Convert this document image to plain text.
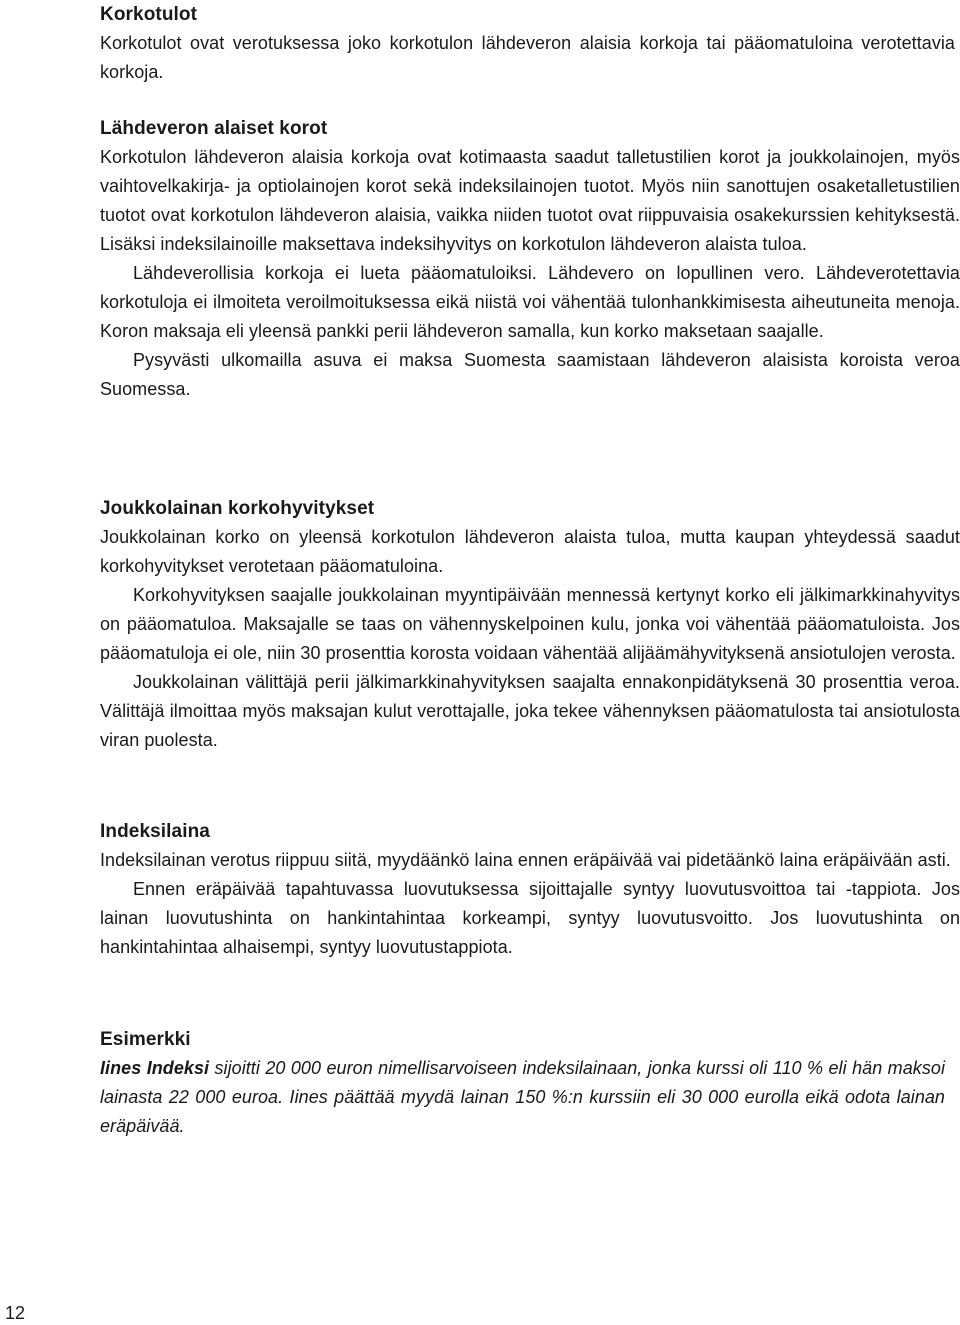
Korkotulot

Korkotulot ovat verotuksessa joko korkotulon lähdeveron alaisia korkoja tai pääomatuloina verotettavia korkoja.

Lähdeveron alaiset korot

Korkotulon lähdeveron alaisia korkoja ovat kotimaasta saadut talletustilien korot ja joukkolainojen, myös vaihtovelkakirja- ja optiolainojen korot sekä indeksilainojen tuotot. Myös niin sanottujen osaketalletustilien tuotot ovat korkotulon lähdeveron alaisia, vaikka niiden tuotot ovat riippuvaisia osakekurssien kehityksestä. Lisäksi indeksilainoille maksettava indeksihyvitys on korkotulon lähdeveron alaista tuloa.

Lähdeverollisia korkoja ei lueta pääomatuloiksi. Lähdevero on lopullinen vero. Lähdeverotettavia korkotuloja ei ilmoiteta veroilmoituksessa eikä niistä voi vähentää tulonhankkimisesta aiheutuneita menoja. Koron maksaja eli yleensä pankki perii lähdeveron samalla, kun korko maksetaan saajalle.

Pysyvästi ulkomailla asuva ei maksa Suomesta saamistaan lähdeveron alaisista koroista veroa Suomessa.

Joukkolainan korkohyvitykset

Joukkolainan korko on yleensä korkotulon lähdeveron alaista tuloa, mutta kaupan yhteydessä saadut korkohyvitykset verotetaan pääomatuloina.

Korkohyvityksen saajalle joukkolainan myyntipäivään mennessä kertynyt korko eli jälkimarkkinahyvitys on pääomatuloa. Maksajalle se taas on vähennyskelpoinen kulu, jonka voi vähentää pääomatuloista. Jos pääomatuloja ei ole, niin 30 prosenttia korosta voidaan vähentää alijäämähyvityksenä ansiotulojen verosta.

Joukkolainan välittäjä perii jälkimarkkinahyvityksen saajalta ennakonpidätyksenä 30 prosenttia veroa. Välittäjä ilmoittaa myös maksajan kulut verottajalle, joka tekee vähennyksen pääomatulosta tai ansiotulosta viran puolesta.

Indeksilaina

Indeksilainan verotus riippuu siitä, myydäänkö laina ennen eräpäivää vai pidetäänkö laina eräpäivään asti.

Ennen eräpäivää tapahtuvassa luovutuksessa sijoittajalle syntyy luovutusvoittoa tai -tappiota. Jos lainan luovutushinta on hankintahintaa korkeampi, syntyy luovutusvoitto. Jos luovutushinta on hankintahintaa alhaisempi, syntyy luovutustappiota.

Esimerkki

Iines Indeksi sijoitti 20 000 euron nimellisarvoiseen indeksilainaan, jonka kurssi oli 110 % eli hän maksoi lainasta 22 000 euroa. Iines päättää myydä lainan 150 %:n kurssiin eli 30 000 eurolla eikä odota lainan eräpäivää.

12
